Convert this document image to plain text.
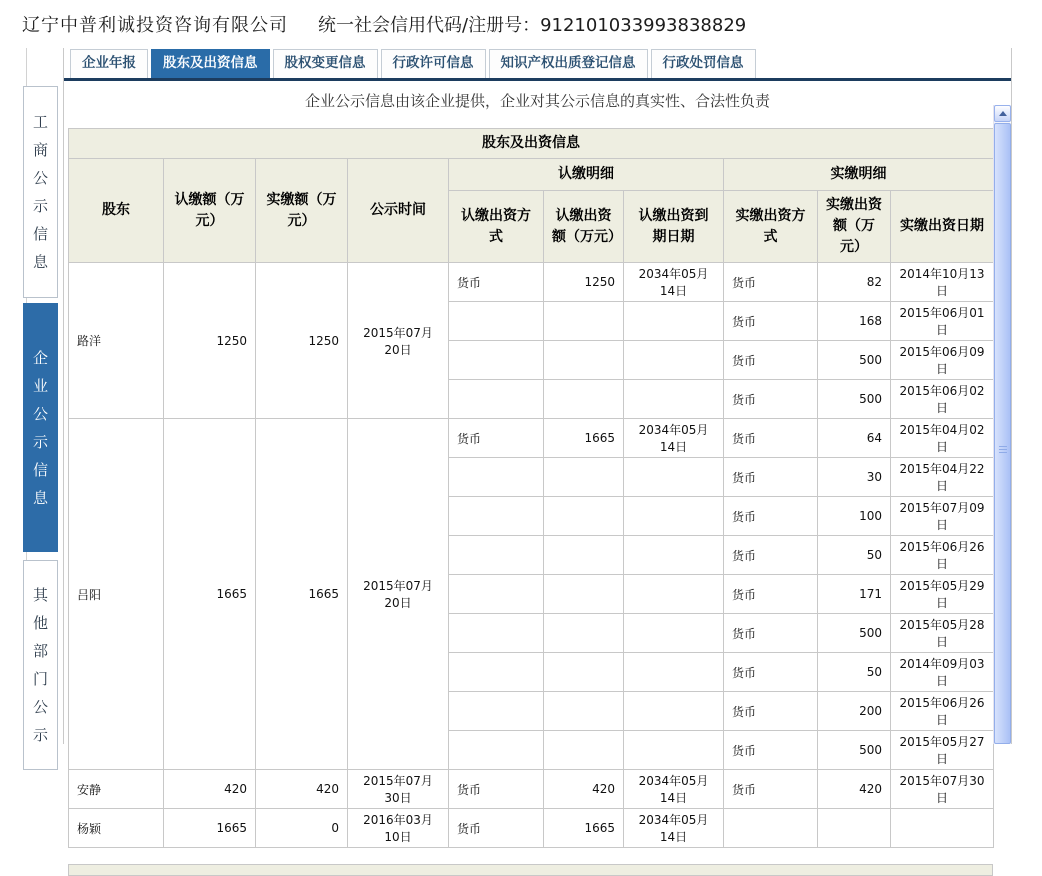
辽宁中普利诚投资咨询有限公司 统一社会信用代码/注册号：912101033993838829
工商公示信息
企业公示信息
其他部门公示
企业年报	股东及出资信息	股权变更信息	行政许可信息	知识产权出质登记信息	行政处罚信息
企业公示信息由该企业提供，企业对其公示信息的真实性、合法性负责
股东及出资信息									
股东	认缴额（万元）	实缴额（万元）	公示时间	认缴明细			实缴明细		
				认缴出资方式	认缴出资额（万元）	认缴出资到期日期	实缴出资方式	实缴出资额（万元）	实缴出资日期
路洋	1250	1250	2015年07月20日	货币	1250	2034年05月14日	货币	82	2014年10月13日
							货币	168	2015年06月01日
							货币	500	2015年06月09日
							货币	500	2015年06月02日
吕阳	1665	1665	2015年07月20日	货币	1665	2034年05月14日	货币	64	2015年04月02日
							货币	30	2015年04月22日
							货币	100	2015年07月09日
							货币	50	2015年06月26日
							货币	171	2015年05月29日
							货币	500	2015年05月28日
							货币	50	2014年09月03日
							货币	200	2015年06月26日
							货币	500	2015年05月27日
安静	420	420	2015年07月30日	货币	420	2034年05月14日	货币	420	2015年07月30日
杨颖	1665	0	2016年03月10日	货币	1665	2034年05月14日			
